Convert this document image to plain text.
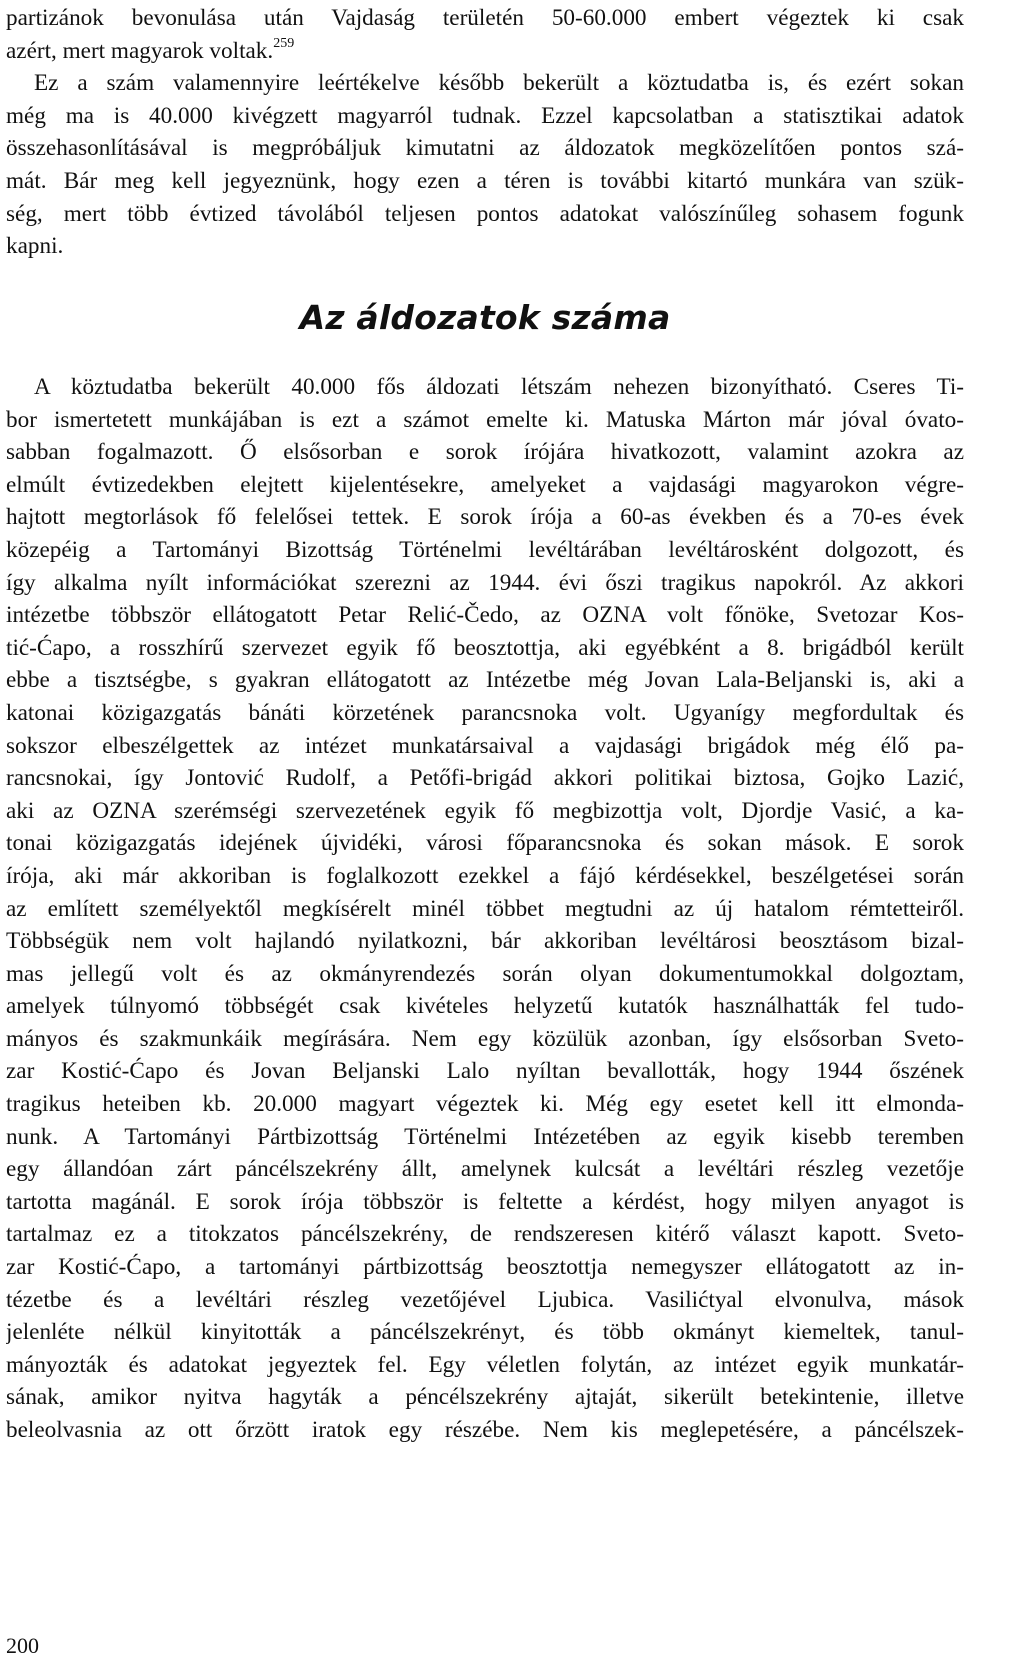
partizánok bevonulása után Vajdaság területén 50-60.000 embert végeztek ki csak
azért, mert magyarok voltak.$^{259}$
Ez a szám valamennyire leértékelve később bekerült a köztudatba is, és ezért sokan
még ma is 40.000 kivégzett magyarról tudnak. Ezzel kapcsolatban a statisztikai adatok
összehasonlításával is megpróbáljuk kimutatni az áldozatok megközelítően pontos szá-
mát. Bár meg kell jegyeznünk, hogy ezen a téren is további kitartó munkára van szük-
ség, mert több évtized távolából teljesen pontos adatokat valószínűleg sohasem fogunk
kapni.
Az áldozatok száma
A köztudatba bekerült 40.000 fős áldozati létszám nehezen bizonyítható. Cseres Ti-
bor ismertetett munkájában is ezt a számot emelte ki. Matuska Márton már jóval óvato-
sabban fogalmazott. Ő elsősorban e sorok írójára hivatkozott, valamint azokra az
elmúlt évtizedekben elejtett kijelentésekre, amelyeket a vajdasági magyarokon végre-
hajtott megtorlások fő felelősei tettek. E sorok írója a 60-as években és a 70-es évek
közepéig a Tartományi Bizottság Történelmi levéltárában levéltárosként dolgozott, és
így alkalma nyílt információkat szerezni az 1944. évi őszi tragikus napokról. Az akkori
intézetbe többször ellátogatott Petar Relić-Čedo, az OZNA volt főnöke, Svetozar Kos-
tić-Ćapo, a rosszhírű szervezet egyik fő beosztottja, aki egyébként a 8. brigádból került
ebbe a tisztségbe, s gyakran ellátogatott az Intézetbe még Jovan Lala-Beljanski is, aki a
katonai közigazgatás bánáti körzetének parancsnoka volt. Ugyanígy megfordultak és
sokszor elbeszélgettek az intézet munkatársaival a vajdasági brigádok még élő pa-
rancsnokai, így Jontović Rudolf, a Petőfi-brigád akkori politikai biztosa, Gojko Lazić,
aki az OZNA szerémségi szervezetének egyik fő megbizottja volt, Djordje Vasić, a ka-
tonai közigazgatás idejének újvidéki, városi főparancsnoka és sokan mások. E sorok
írója, aki már akkoriban is foglalkozott ezekkel a fájó kérdésekkel, beszélgetései során
az említett személyektől megkísérelt minél többet megtudni az új hatalom rémtetteiről.
Többségük nem volt hajlandó nyilatkozni, bár akkoriban levéltárosi beosztásom bizal-
mas jellegű volt és az okmányrendezés során olyan dokumentumokkal dolgoztam,
amelyek túlnyomó többségét csak kivételes helyzetű kutatók használhatták fel tudo-
mányos és szakmunkáik megírására. Nem egy közülük azonban, így elsősorban Sveto-
zar Kostić-Ćapo és Jovan Beljanski Lalo nyíltan bevallották, hogy 1944 őszének
tragikus heteiben kb. 20.000 magyart végeztek ki. Még egy esetet kell itt elmonda-
nunk. A Tartományi Pártbizottság Történelmi Intézetében az egyik kisebb teremben
egy állandóan zárt páncélszekrény állt, amelynek kulcsát a levéltári részleg vezetője
tartotta magánál. E sorok írója többször is feltette a kérdést, hogy milyen anyagot is
tartalmaz ez a titokzatos páncélszekrény, de rendszeresen kitérő választ kapott. Sveto-
zar Kostić-Ćapo, a tartományi pártbizottság beosztottja nemegyszer ellátogatott az in-
tézetbe és a levéltári részleg vezetőjével Ljubica. Vasilićtyal elvonulva, mások
jelenléte nélkül kinyitották a páncélszekrényt, és több okmányt kiemeltek, tanul-
mányozták és adatokat jegyeztek fel. Egy véletlen folytán, az intézet egyik munkatár-
sának, amikor nyitva hagyták a péncélszekrény ajtaját, sikerült betekintenie, illetve
beleolvasnia az ott őrzött iratok egy részébe. Nem kis meglepetésére, a páncélszek-
200
